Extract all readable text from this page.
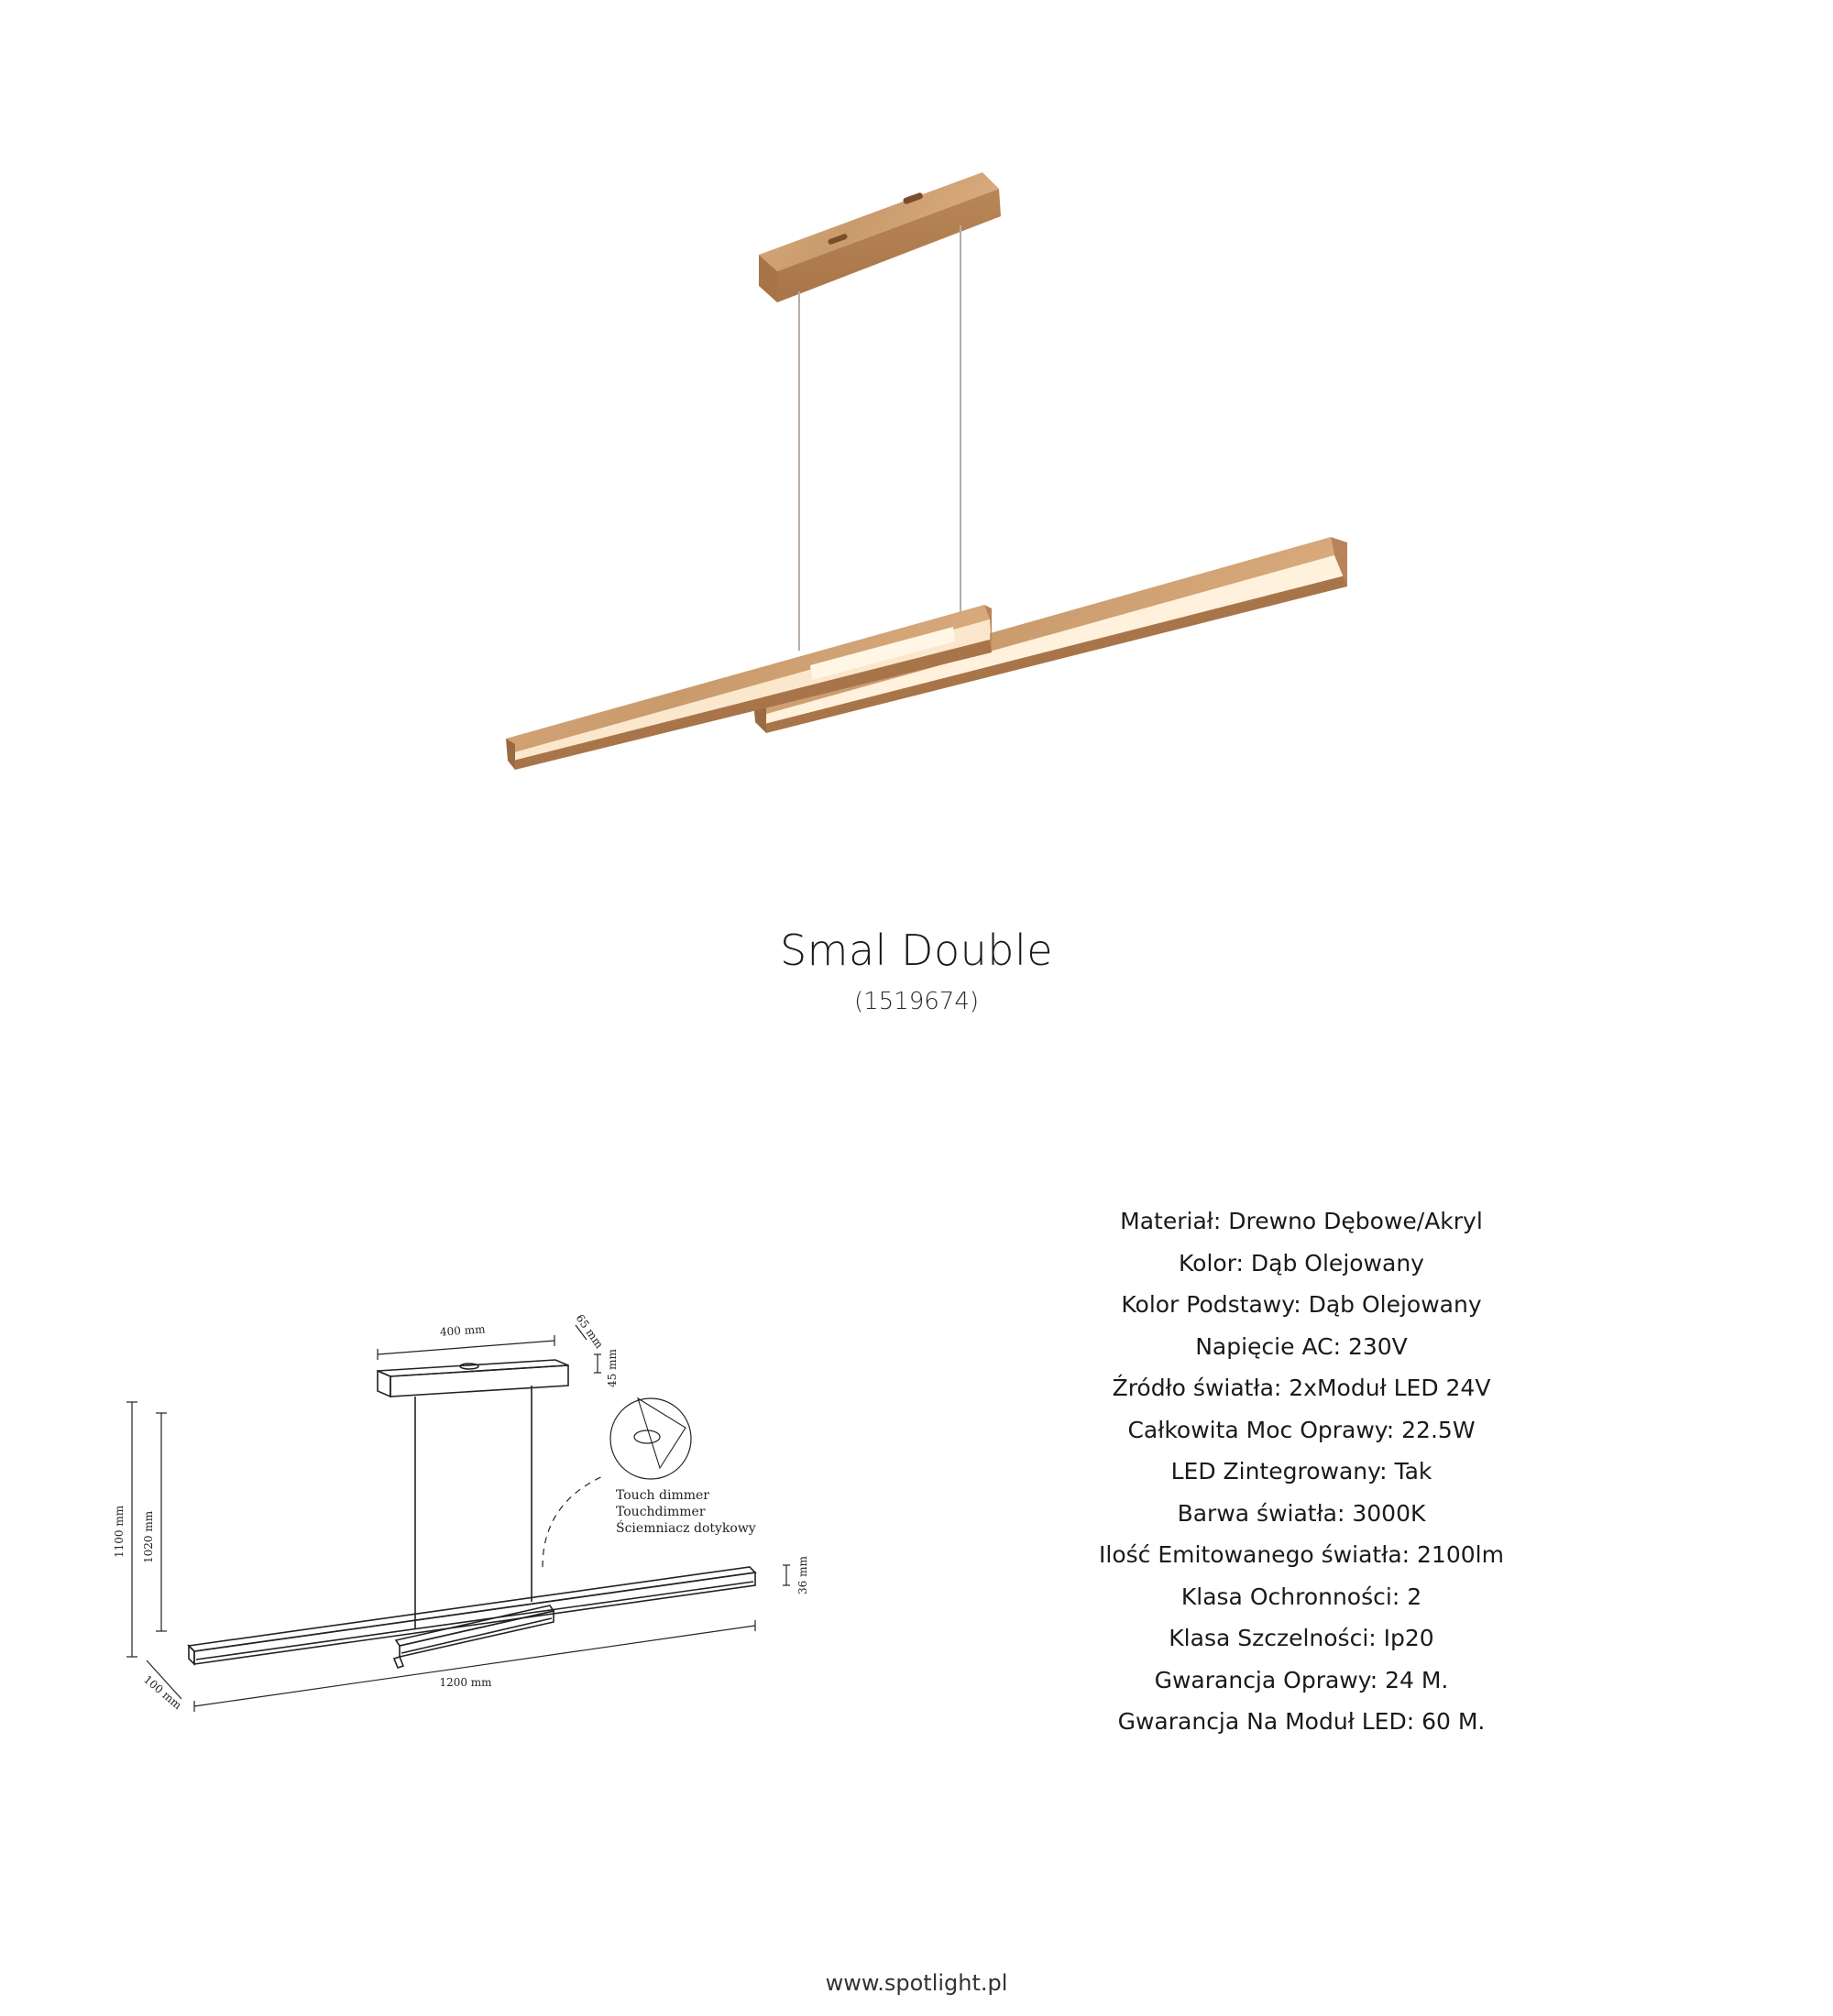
Smal Double
(1519674)
400 mm	65 mm
45 mm
1100 mm 1020 mm
36 mm
1200 mm
100 mm
Touch dimmer
Touchdimmer
Ściemniacz dotykowy
Materiał: Drewno Dębowe/Akryl
Kolor: Dąb Olejowany
Kolor Podstawy: Dąb Olejowany
Napięcie AC: 230V
Źródło światła: 2xModuł LED 24V
Całkowita Moc Oprawy: 22.5W
LED Zintegrowany: Tak
Barwa światła: 3000K
Ilość Emitowanego światła: 2100lm
Klasa Ochronności: 2
Klasa Szczelności: Ip20
Gwarancja Oprawy: 24 M.
Gwarancja Na Moduł LED: 60 M.
www.spotlight.pl
